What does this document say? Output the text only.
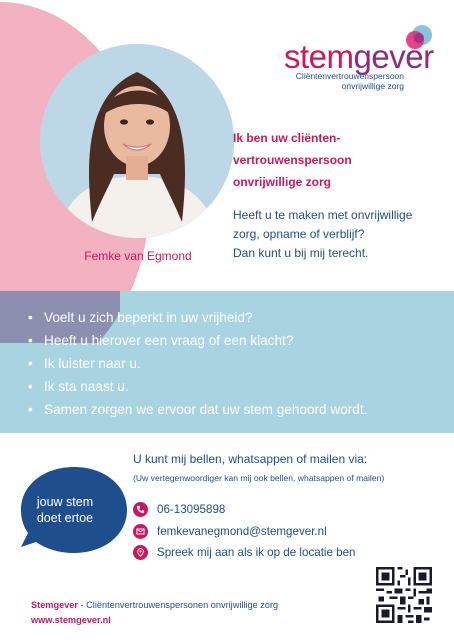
stemgever
Cliëntenvertrouwenspersoon
onvrijwillige zorg
Ik ben uw cliënten-
vertrouwenspersoon
onvrijwillige zorg
Heeft u te maken met onvrijwillige
zorg, opname of verblijf?
Dan kunt u bij mij terecht.
Femke van Egmond
• Voelt u zich beperkt in uw vrijheid?
• Heeft u hierover een vraag of een klacht?
• Ik luister naar u.
• Ik sta naast u.
• Samen zorgen we ervoor dat uw stem gehoord wordt.
jouw stem
doet ertoe
U kunt mij bellen, whatsappen of mailen via:
(Uw vertegenwoordiger kan mij ook bellen, whatsappen of mailen)
06-13095898
femkevanegmond@stemgever.nl
Spreek mij aan als ik op de locatie ben
Stemgever - Cliëntenvertrouwenspersonen onvrijwillige zorg
www.stemgever.nl
